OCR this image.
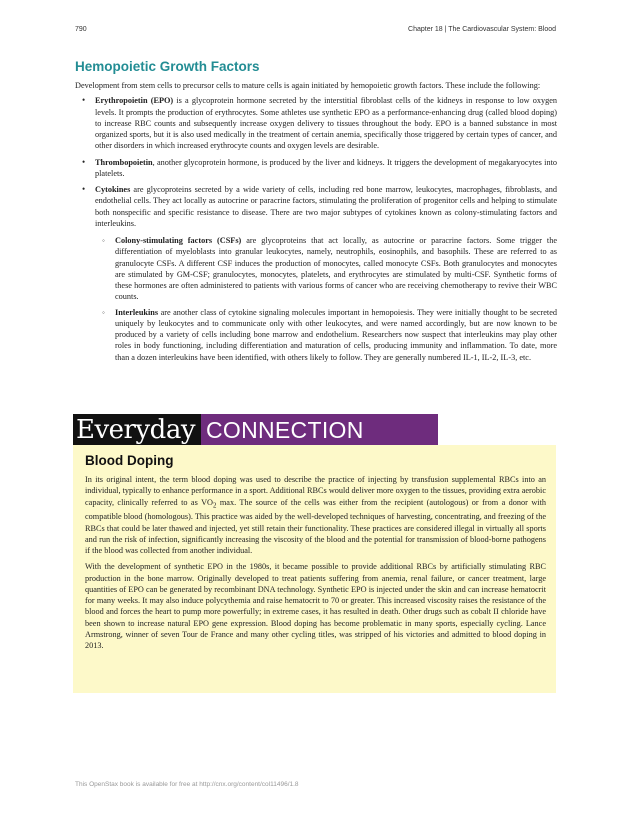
790	Chapter 18 | The Cardiovascular System: Blood
Hemopoietic Growth Factors

Development from stem cells to precursor cells to mature cells is again initiated by hemopoietic growth factors. These include the following:

• Erythropoietin (EPO) is a glycoprotein hormone secreted by the interstitial fibroblast cells of the kidneys in response to low oxygen levels. It prompts the production of erythrocytes. Some athletes use synthetic EPO as a performance-enhancing drug (called blood doping) to increase RBC counts and subsequently increase oxygen delivery to tissues throughout the body. EPO is a banned substance in most organized sports, but it is also used medically in the treatment of certain anemia, specifically those triggered by certain types of cancer, and other disorders in which increased erythrocyte counts and oxygen levels are desirable.
• Thrombopoietin, another glycoprotein hormone, is produced by the liver and kidneys. It triggers the development of megakaryocytes into platelets.
• Cytokines are glycoproteins secreted by a wide variety of cells, including red bone marrow, leukocytes, macrophages, fibroblasts, and endothelial cells. They act locally as autocrine or paracrine factors, stimulating the proliferation of progenitor cells and helping to stimulate both nonspecific and specific resistance to disease. There are two major subtypes of cytokines known as colony-stimulating factors and interleukins.
◦ Colony-stimulating factors (CSFs) are glycoproteins that act locally, as autocrine or paracrine factors. Some trigger the differentiation of myeloblasts into granular leukocytes, namely, neutrophils, eosinophils, and basophils. These are referred to as granulocyte CSFs. A different CSF induces the production of monocytes, called monocyte CSFs. Both granulocytes and monocytes are stimulated by GM-CSF; granulocytes, monocytes, platelets, and erythrocytes are stimulated by multi-CSF. Synthetic forms of these hormones are often administered to patients with various forms of cancer who are receiving chemotherapy to revive their WBC counts.
◦ Interleukins are another class of cytokine signaling molecules important in hemopoiesis. They were initially thought to be secreted uniquely by leukocytes and to communicate only with other leukocytes, and were named accordingly, but are now known to be produced by a variety of cells including bone marrow and endothelium. Researchers now suspect that interleukins may play other roles in body functioning, including differentiation and maturation of cells, producing immunity and inflammation. To date, more than a dozen interleukins have been identified, with others likely to follow. They are generally numbered IL-1, IL-2, IL-3, etc.
Everyday CONNECTION
Blood Doping

In its original intent, the term blood doping was used to describe the practice of injecting by transfusion supplemental RBCs into an individual, typically to enhance performance in a sport. Additional RBCs would deliver more oxygen to the tissues, providing extra aerobic capacity, clinically referred to as $VO_2$ max. The source of the cells was either from the recipient (autologous) or from a donor with compatible blood (homologous). This practice was aided by the well-developed techniques of harvesting, concentrating, and freezing of the RBCs that could be later thawed and injected, yet still retain their functionality. These practices are considered illegal in virtually all sports and run the risk of infection, significantly increasing the viscosity of the blood and the potential for transmission of blood-borne pathogens if the blood was collected from another individual.

With the development of synthetic EPO in the 1980s, it became possible to provide additional RBCs by artificially stimulating RBC production in the bone marrow. Originally developed to treat patients suffering from anemia, renal failure, or cancer treatment, large quantities of EPO can be generated by recombinant DNA technology. Synthetic EPO is injected under the skin and can increase hematocrit for many weeks. It may also induce polycythemia and raise hematocrit to 70 or greater. This increased viscosity raises the resistance of the blood and forces the heart to pump more powerfully; in extreme cases, it has resulted in death. Other drugs such as cobalt II chloride have been shown to increase natural EPO gene expression. Blood doping has become problematic in many sports, especially cycling. Lance Armstrong, winner of seven Tour de France and many other cycling titles, was stripped of his victories and admitted to blood doping in 2013.

This OpenStax book is available for free at http://cnx.org/content/col11496/1.8
